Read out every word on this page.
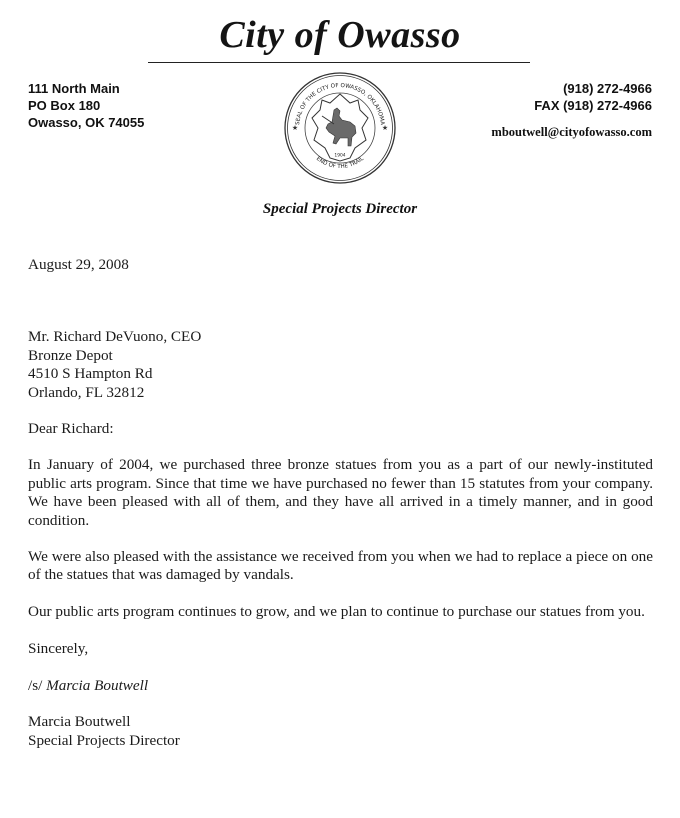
City of Owasso
111 North Main
PO Box 180
Owasso, OK 74055	SEAL OF THE CITY OF OWASSO, OKLAHOMA
END OF THE TRAIL
★	★
1904
(918) 272-4966
FAX (918) 272-4966
mboutwell@cityofowasso.com
Special Projects Director
August 29, 2008
Mr. Richard DeVuono, CEO
Bronze Depot
4510 S Hampton Rd
Orlando, FL 32812
Dear Richard:

In January of 2004, we purchased three bronze statues from you as a part of our newly-instituted public arts program. Since that time we have purchased no fewer than 15 statutes from your company. We have been pleased with all of them, and they have all arrived in a timely manner, and in good condition.

We were also pleased with the assistance we received from you when we had to replace a piece on one of the statues that was damaged by vandals.

Our public arts program continues to grow, and we plan to continue to purchase our statues from you.

Sincerely,
/s/ Marcia Boutwell
Marcia Boutwell
Special Projects Director
